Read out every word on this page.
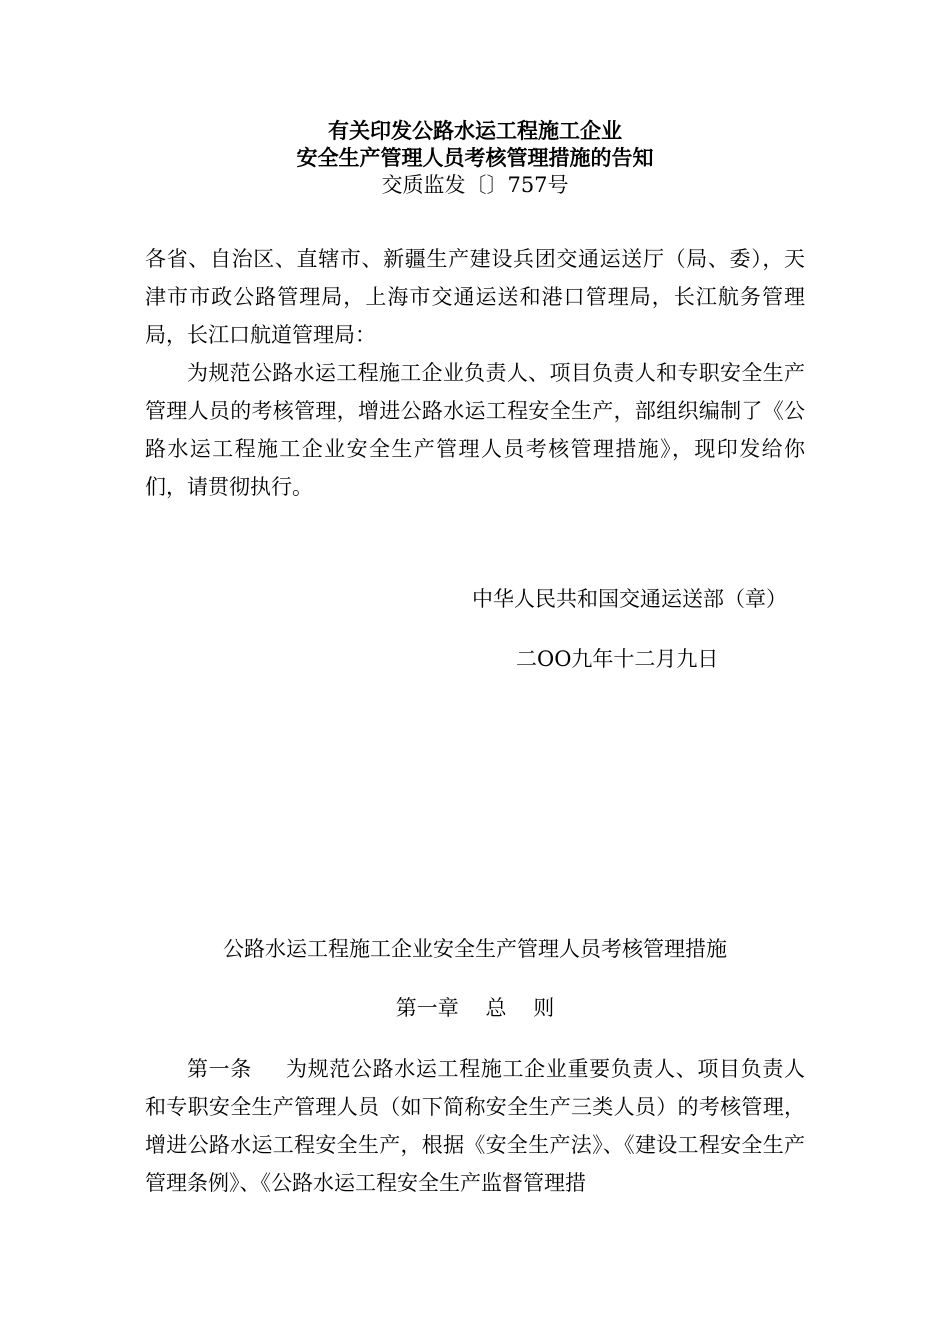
有关印发公路水运工程施工企业
安全生产管理人员考核管理措施的告知
交质监发〔〕757号

各省、自治区、直辖市、新疆生产建设兵团交通运送厅（局、委），天津市市政公路管理局，上海市交通运送和港口管理局，长江航务管理局，长江口航道管理局：

为规范公路水运工程施工企业负责人、项目负责人和专职安全生产管理人员的考核管理，增进公路水运工程安全生产，部组织编制了《公路水运工程施工企业安全生产管理人员考核管理措施》，现印发给你们，请贯彻执行。

中华人民共和国交通运送部（章）
二OO九年十二月九日
公路水运工程施工企业安全生产管理人员考核管理措施
第一章    总    则

第一条 为规范公路水运工程施工企业重要负责人、项目负责人和专职安全生产管理人员（如下简称安全生产三类人员）的考核管理，增进公路水运工程安全生产，根据《安全生产法》、《建设工程安全生产管理条例》、《公路水运工程安全生产监督管理措
